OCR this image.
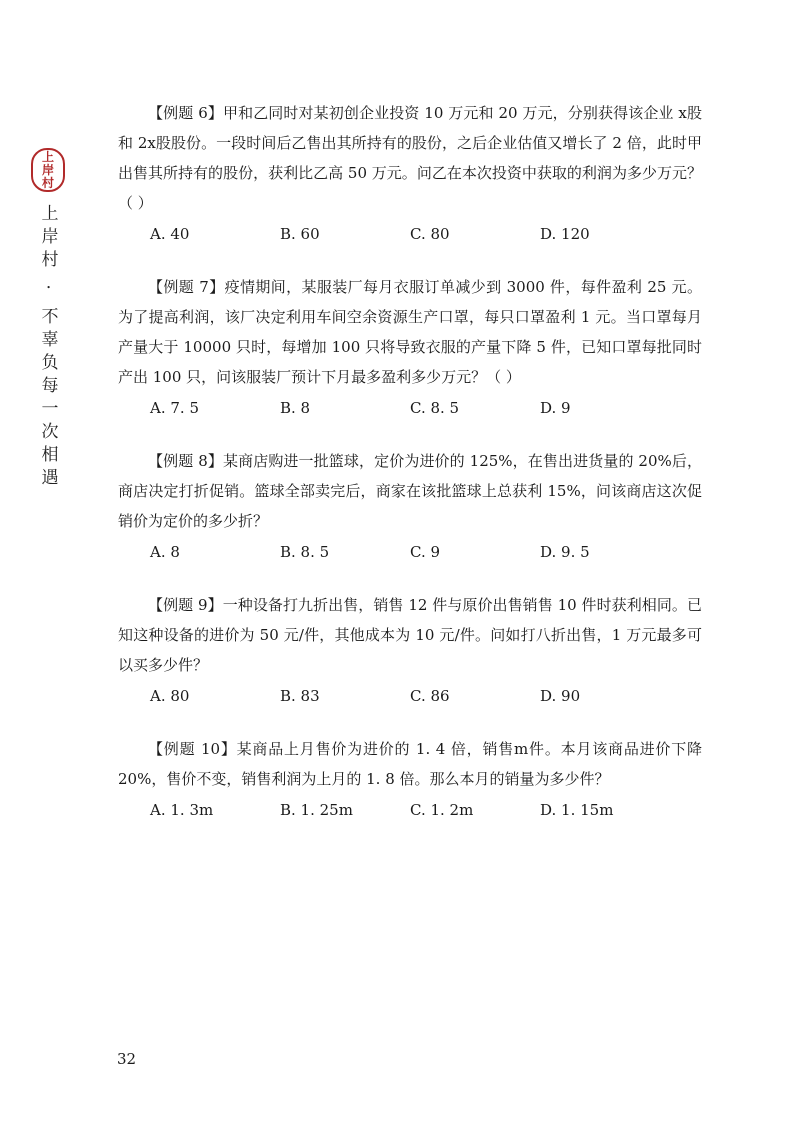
上
岸
村
上岸村 · 不辜负每一次相遇

【例题 6】甲和乙同时对某初创企业投资 10 万元和 20 万元，分别获得该企业 x股和 2x股股份。一段时间后乙售出其所持有的股份，之后企业估值又增长了 2 倍，此时甲出售其所持有的股份，获利比乙高 50 万元。问乙在本次投资中获取的利润为多少万元？（ ）

A. 40	B. 60	C. 80	D. 120

【例题 7】疫情期间，某服装厂每月衣服订单减少到 3000 件，每件盈利 25 元。为了提高利润，该厂决定利用车间空余资源生产口罩，每只口罩盈利 1 元。当口罩每月产量大于 10000 只时，每增加 100 只将导致衣服的产量下降 5 件，已知口罩每批同时产出 100 只，问该服装厂预计下月最多盈利多少万元？（ ）

A. 7. 5	B. 8	C. 8. 5	D. 9

【例题 8】某商店购进一批篮球，定价为进价的 125%，在售出进货量的 20%后，商店决定打折促销。篮球全部卖完后，商家在该批篮球上总获利 15%，问该商店这次促销价为定价的多少折？

A. 8	B. 8. 5	C. 9	D. 9. 5

【例题 9】一种设备打九折出售，销售 12 件与原价出售销售 10 件时获利相同。已知这种设备的进价为 50 元/件，其他成本为 10 元/件。问如打八折出售，1 万元最多可以买多少件？

A. 80	B. 83	C. 86	D. 90

【例题 10】某商品上月售价为进价的 1. 4 倍，销售m件。本月该商品进价下降 20%，售价不变，销售利润为上月的 1. 8 倍。那么本月的销量为多少件？

A. 1. 3m	B. 1. 25m	C. 1. 2m	D. 1. 15m
32
